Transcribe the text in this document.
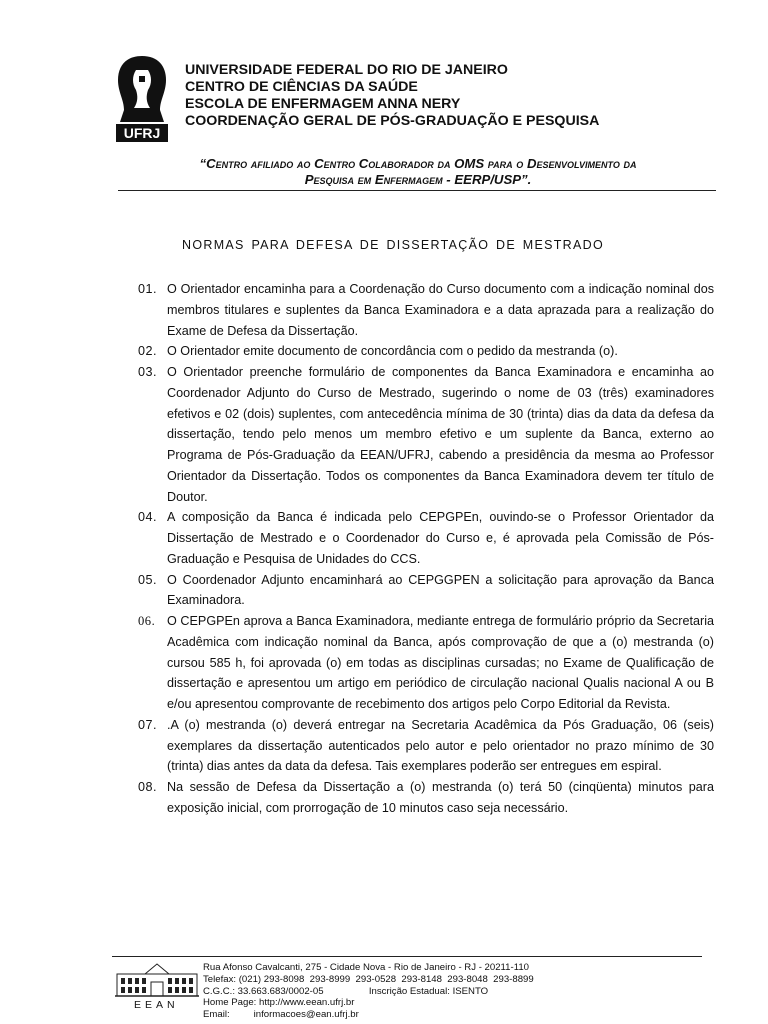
UFRJ
UNIVERSIDADE FEDERAL DO RIO DE JANEIRO
CENTRO DE CIÊNCIAS DA SAÚDE
ESCOLA DE ENFERMAGEM ANNA NERY
COORDENAÇÃO GERAL DE PÓS-GRADUAÇÃO E PESQUISA
“Centro afiliado ao Centro Colaborador da OMS para o Desenvolvimento da
Pesquisa em Enfermagem - EERP/USP”.
NORMAS PARA DEFESA DE DISSERTAÇÃO DE MESTRADO
01. O Orientador encaminha para a Coordenação do Curso documento com a indicação nominal dos membros titulares e suplentes da Banca Examinadora e a data aprazada para a realização do Exame de Defesa da Dissertação.
02. O Orientador emite documento de concordância com o pedido da mestranda (o).
03. O Orientador preenche formulário de componentes da Banca Examinadora e encaminha ao Coordenador Adjunto do Curso de Mestrado, sugerindo o nome de 03 (três) examinadores efetivos e 02 (dois) suplentes, com antecedência mínima de 30 (trinta) dias da data da defesa da dissertação, tendo pelo menos um membro efetivo e um suplente da Banca, externo ao Programa de Pós-Graduação da EEAN/UFRJ, cabendo a presidência da mesma ao Professor Orientador da Dissertação. Todos os componentes da Banca Examinadora devem ter título de Doutor.
04. A composição da Banca é indicada pelo CEPGPEn, ouvindo-se o Professor Orientador da Dissertação de Mestrado e o Coordenador do Curso e, é aprovada pela Comissão de Pós-Graduação e Pesquisa de Unidades do CCS.
05. O Coordenador Adjunto encaminhará ao CEPGGPEN a solicitação para aprovação da Banca Examinadora.
06. O CEPGPEn aprova a Banca Examinadora, mediante entrega de formulário próprio da Secretaria Acadêmica com indicação nominal da Banca, após comprovação de que a (o) mestranda (o) cursou 585 h, foi aprovada (o) em todas as disciplinas cursadas; no Exame de Qualificação de dissertação e apresentou um artigo em periódico de circulação nacional Qualis nacional A ou B e/ou apresentou comprovante de recebimento dos artigos pelo Corpo Editorial da Revista.
07. .A (o) mestranda (o) deverá entregar na Secretaria Acadêmica da Pós Graduação, 06 (seis) exemplares da dissertação autenticados pelo autor e pelo orientador no prazo mínimo de 30 (trinta) dias antes da data da defesa. Tais exemplares poderão ser entregues em espiral.
08. Na sessão de Defesa da Dissertação a (o) mestranda (o) terá 50 (cinqüenta) minutos para exposição inicial, com prorrogação de 10 minutos caso seja necessário.
EEAN
Rua Afonso Cavalcanti, 275 - Cidade Nova - Rio de Janeiro - RJ - 20211-110
Telefax: (021) 293-8098  293-8999  293-0528  293-8148  293-8048  293-8899
C.G.C.: 33.663.683/0002-05                 Inscrição Estadual: ISENTO
Home Page: http://www.eean.ufrj.br
Email:         informacoes@ean.ufrj.br
